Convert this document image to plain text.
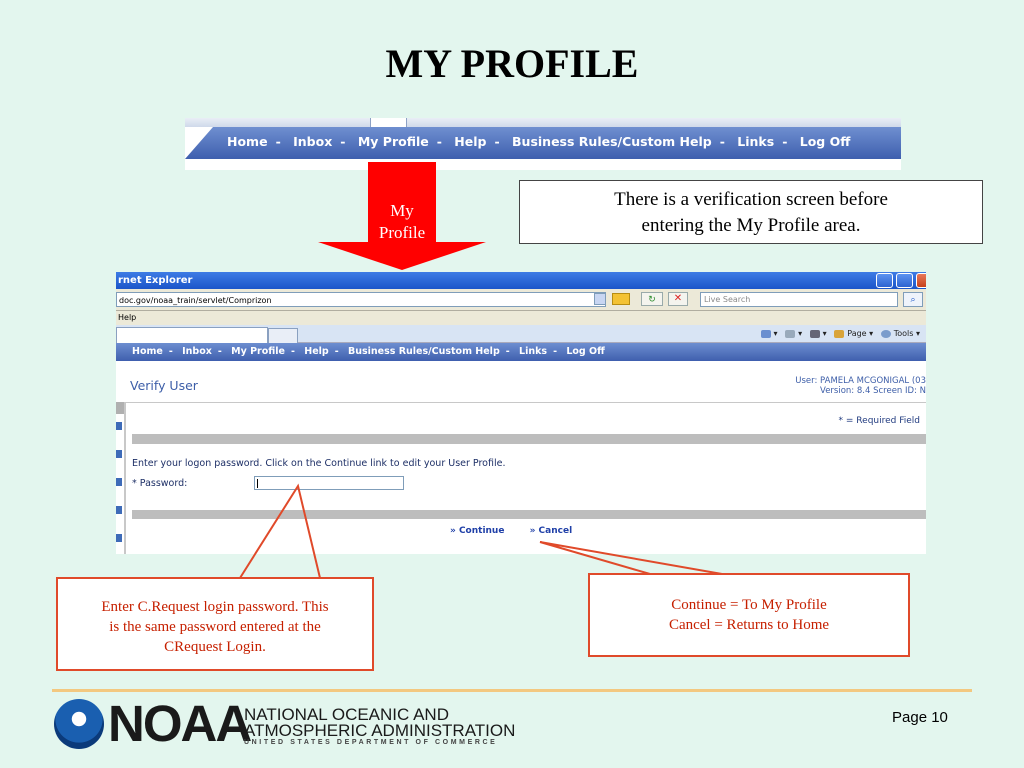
MY PROFILE
Home - Inbox - My Profile - Help - Business Rules/Custom Help - Links - Log Off
My
Profile
There is a verification screen before
entering the My Profile area.
rnet Explorer
doc.gov/noaa_train/servlet/Comprizon	↻	✕	Live Search	⌕
Help
▾ ▾ ▾ Page ▾ Tools ▾
Home - Inbox - My Profile - Help - Business Rules/Custom Help - Links - Log Off
Verify User	User: PAMELA MCGONIGAL (03
Version: 8.4 Screen ID: N
* = Required Field
Enter your logon password. Click on the Continue link to edit your User Profile.
* Password:
» Continue	» Cancel
Enter C.Request login password. This
is the same password entered at the
CRequest Login.
Continue = To My Profile
Cancel = Returns to Home
NOAA
NATIONAL OCEANIC AND
ATMOSPHERIC ADMINISTRATION
UNITED STATES DEPARTMENT OF COMMERCE
Page 10
